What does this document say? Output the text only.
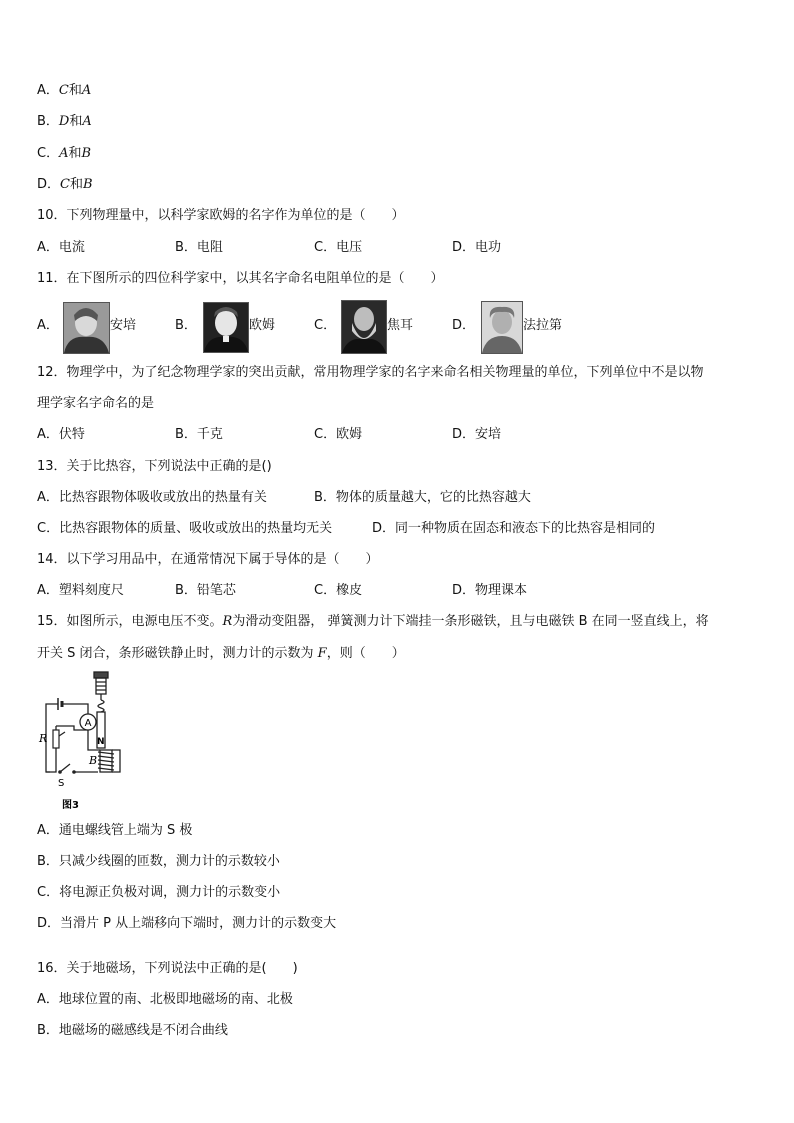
A．C和A
B．D和A
C．A和B
D．C和B
10．下列物理量中，以科学家欧姆的名字作为单位的是（　　）
A．电流	B．电阻	C．电压	D．电功
11．在下图所示的四位科学家中，以其名字命名电阻单位的是（　　）
A．	安培	B．	欧姆	C．	焦耳	D．	法拉第
12．物理学中，为了纪念物理学家的突出贡献，常用物理学家的名字来命名相关物理量的单位，下列单位中不是以物
理学家名字命名的是
A．伏特	B．千克	C．欧姆	D．安培
13．关于比热容，下列说法中正确的是()
A．比热容跟物体吸收或放出的热量有关	B．物体的质量越大，它的比热容越大
C．比热容跟物体的质量、吸收或放出的热量均无关	D．同一种物质在固态和液态下的比热容是相同的
14．以下学习用品中，在通常情况下属于导体的是（　　）
A．塑料刻度尺	B．铅笔芯	C．橡皮	D．物理课本
15．如图所示，电源电压不变。R为滑动变阻器， 弹簧测力计下端挂一条形磁铁，且与电磁铁 B 在同一竖直线上，将
开关 S 闭合，条形磁铁静止时，测力计的示数为 F，则（　　）
A
R
B
S
N
图3
A．通电螺线管上端为 S 极
B．只减少线圈的匝数，测力计的示数较小
C．将电源正负极对调，测力计的示数变小
D．当滑片 P 从上端移向下端时，测力计的示数变大
16．关于地磁场，下列说法中正确的是(　　)
A．地球位置的南、北极即地磁场的南、北极
B．地磁场的磁感线是不闭合曲线
